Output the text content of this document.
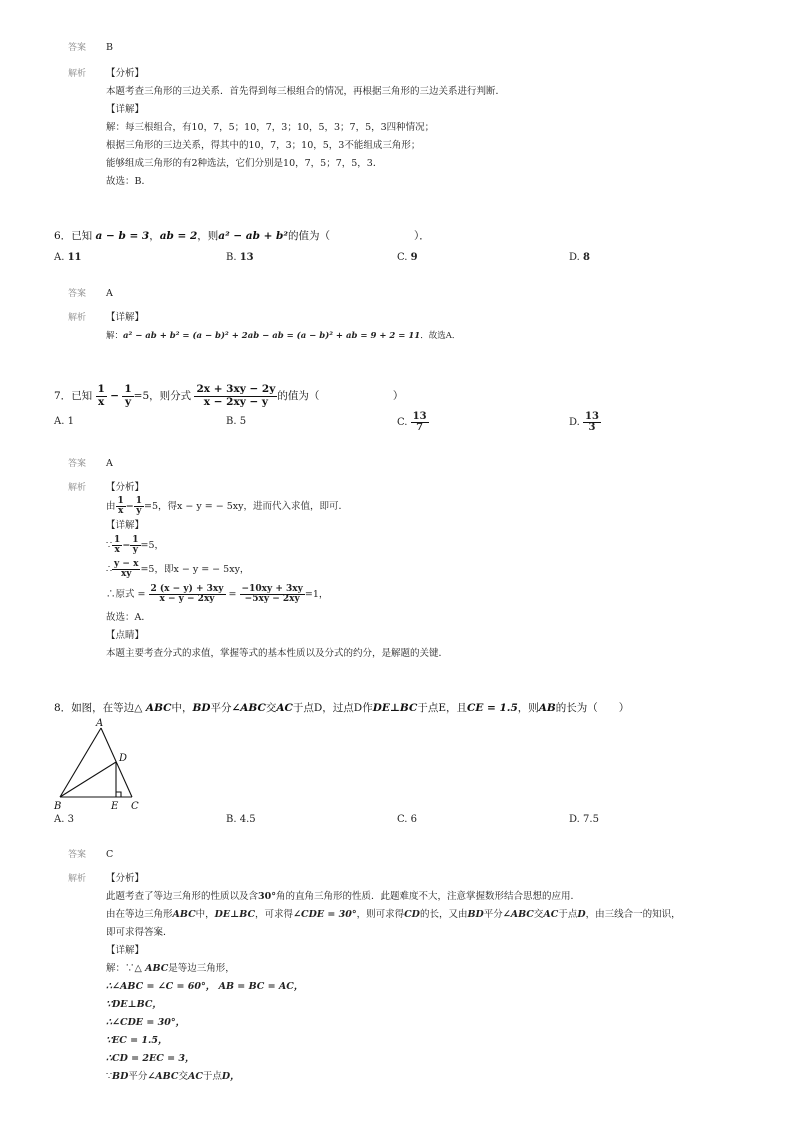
答案 B
解析 【分析】
本题考查三角形的三边关系．首先得到每三根组合的情况，再根据三角形的三边关系进行判断．
【详解】
解：每三根组合，有10，7，5；10，7，3；10，5，3；7，5，3四种情况；
根据三角形的三边关系，得其中的10，7，3；10，5，3不能组成三角形；
能够组成三角形的有2种选法，它们分别是10，7，5；7，5，3．
故选：B．
6．已知 a − b = 3，ab = 2，则a² − ab + b²的值为（　　　　　　　　）．
A. 11	B. 13	C. 9	D. 8
答案 A
解析 【详解】
解：a² − ab + b² = (a − b)² + 2ab − ab = (a − b)² + ab = 9 + 2 = 11．故选A．
7．已知 $\frac{1}{x} - \frac{1}{y} =5$，则分式 $\frac{2x + 3xy - 2y}{x - 2xy - y}$ 的值为（　　　　　　　）
A. 1	B. 5	C. $\frac{13}{7}$	D. $\frac{13}{3}$
答案 A
解析 【分析】
由 $\frac{1}{x} - \frac{1}{y} =5$，得x − y = − 5xy，进而代入求值，即可．
【详解】
∵ $\frac{1}{x} - \frac{1}{y} =5$，
∴ $\frac{y - x}{xy} =5$，即x − y = − 5xy，
∴原式 = $\frac{2 (x - y) + 3xy}{x - y - 2xy} = \frac{-10xy + 3xy}{-5xy - 2xy} =1$，
故选：A．
【点睛】
本题主要考查分式的求值，掌握等式的基本性质以及分式的约分，是解题的关键．
8．如图，在等边△ ABC中，BD平分∠ABC交AC于点D，过点D作DE⊥BC于点E，且CE = 1.5，则AB的长为（　　）
A
B	C
D
E
A. 3	B. 4.5	C. 6	D. 7.5
答案 C
解析 【分析】
此题考查了等边三角形的性质以及含30°角的直角三角形的性质．此题难度不大，注意掌握数形结合思想的应用．
由在等边三角形ABC中，DE⊥BC，可求得∠CDE = 30°，则可求得CD的长，又由BD平分∠ABC交AC于点D，由三线合一的知识，
即可求得答案．
【详解】
解：∵△ ABC是等边三角形，
∴∠ABC = ∠C = 60°， AB = BC = AC，
∵DE⊥BC，
∴∠CDE = 30°，
∵EC = 1.5，
∴CD = 2EC = 3，
∵BD平分∠ABC交AC于点D，
